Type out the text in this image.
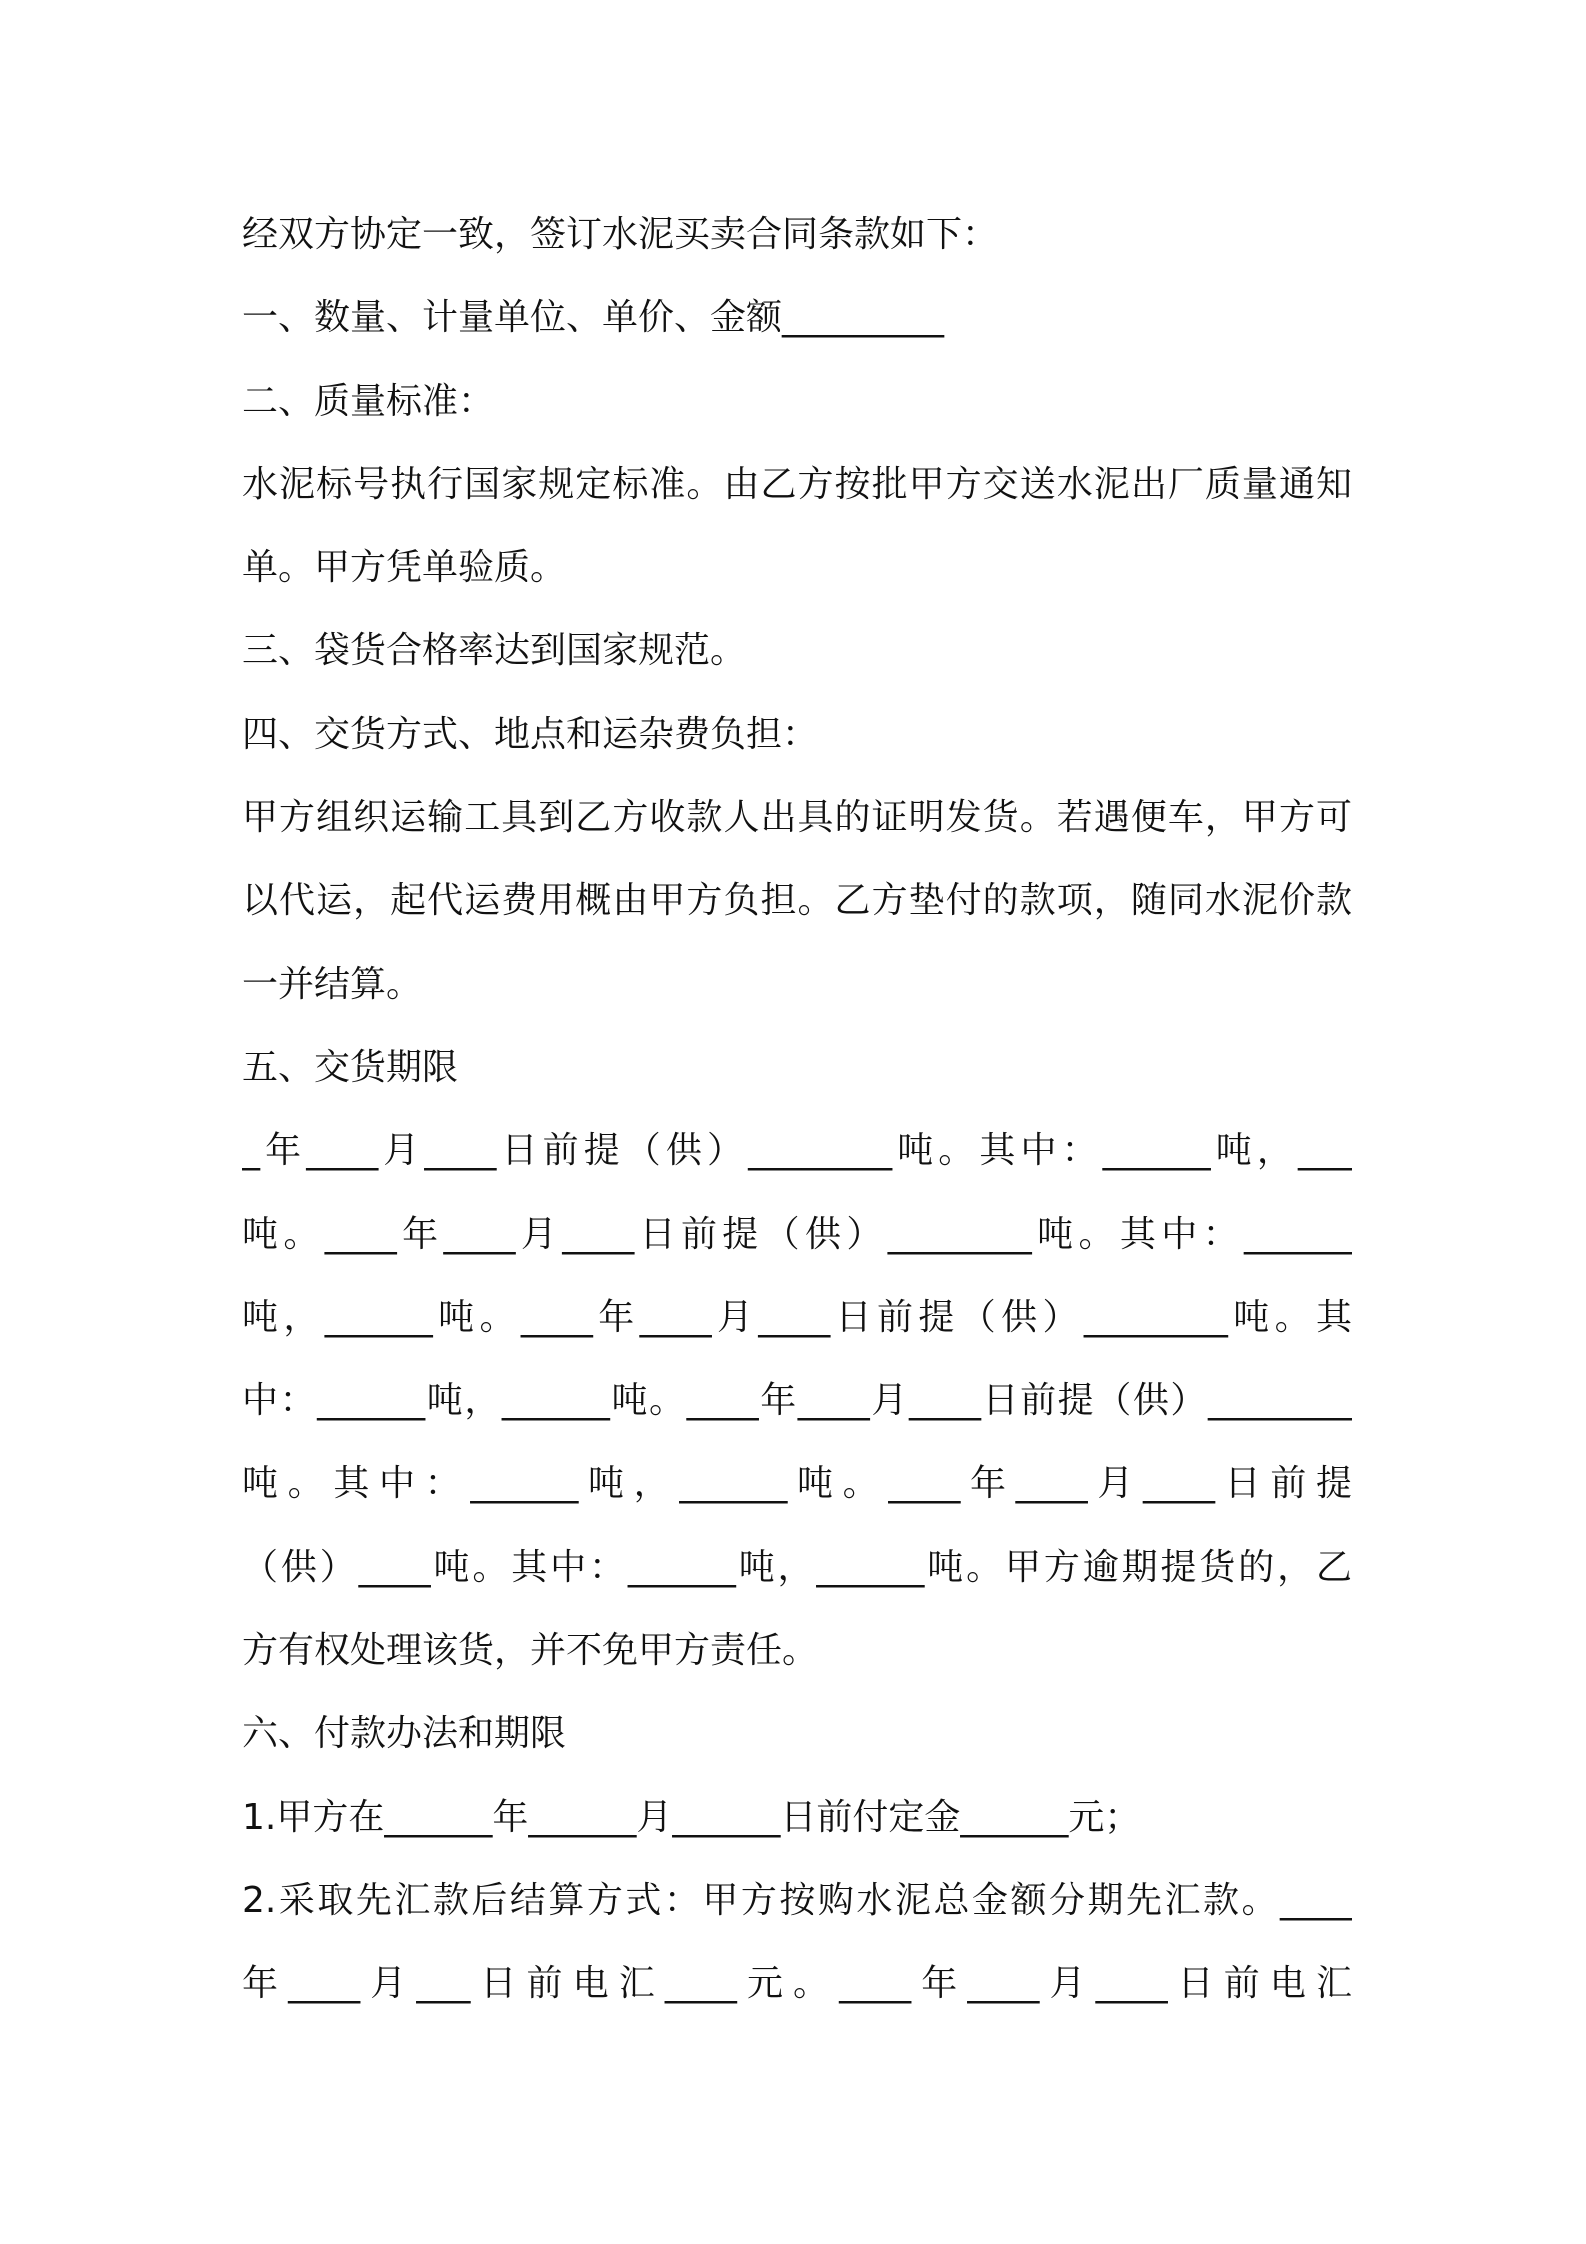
经双方协定一致，签订水泥买卖合同条款如下：
一、数量、计量单位、单价、金额_________
二、质量标准：
水泥标号执行国家规定标准。由乙方按批甲方交送水泥出厂质量通知
单。甲方凭单验质。
三、袋货合格率达到国家规范。
四、交货方式、地点和运杂费负担：
甲方组织运输工具到乙方收款人出具的证明发货。若遇便车，甲方可
以代运，起代运费用概由甲方负担。乙方垫付的款项，随同水泥价款
一并结算。
五、交货期限
_年____月____日前提（供）________吨。其中：______吨，___
吨。____年____月____日前提（供）________吨。其中：______
吨，______吨。____年____月____日前提（供）________吨。其
中：______吨，______吨。____年____月____日前提（供）________
吨。其中：______吨，______吨。____年____月____日前提
（供）____吨。其中：______吨，______吨。甲方逾期提货的，乙
方有权处理该货，并不免甲方责任。
六、付款办法和期限
1.甲方在______年______月______日前付定金______元；
2.采取先汇款后结算方式：甲方按购水泥总金额分期先汇款。____
年____月___日前电汇____元。____年____月____日前电汇
